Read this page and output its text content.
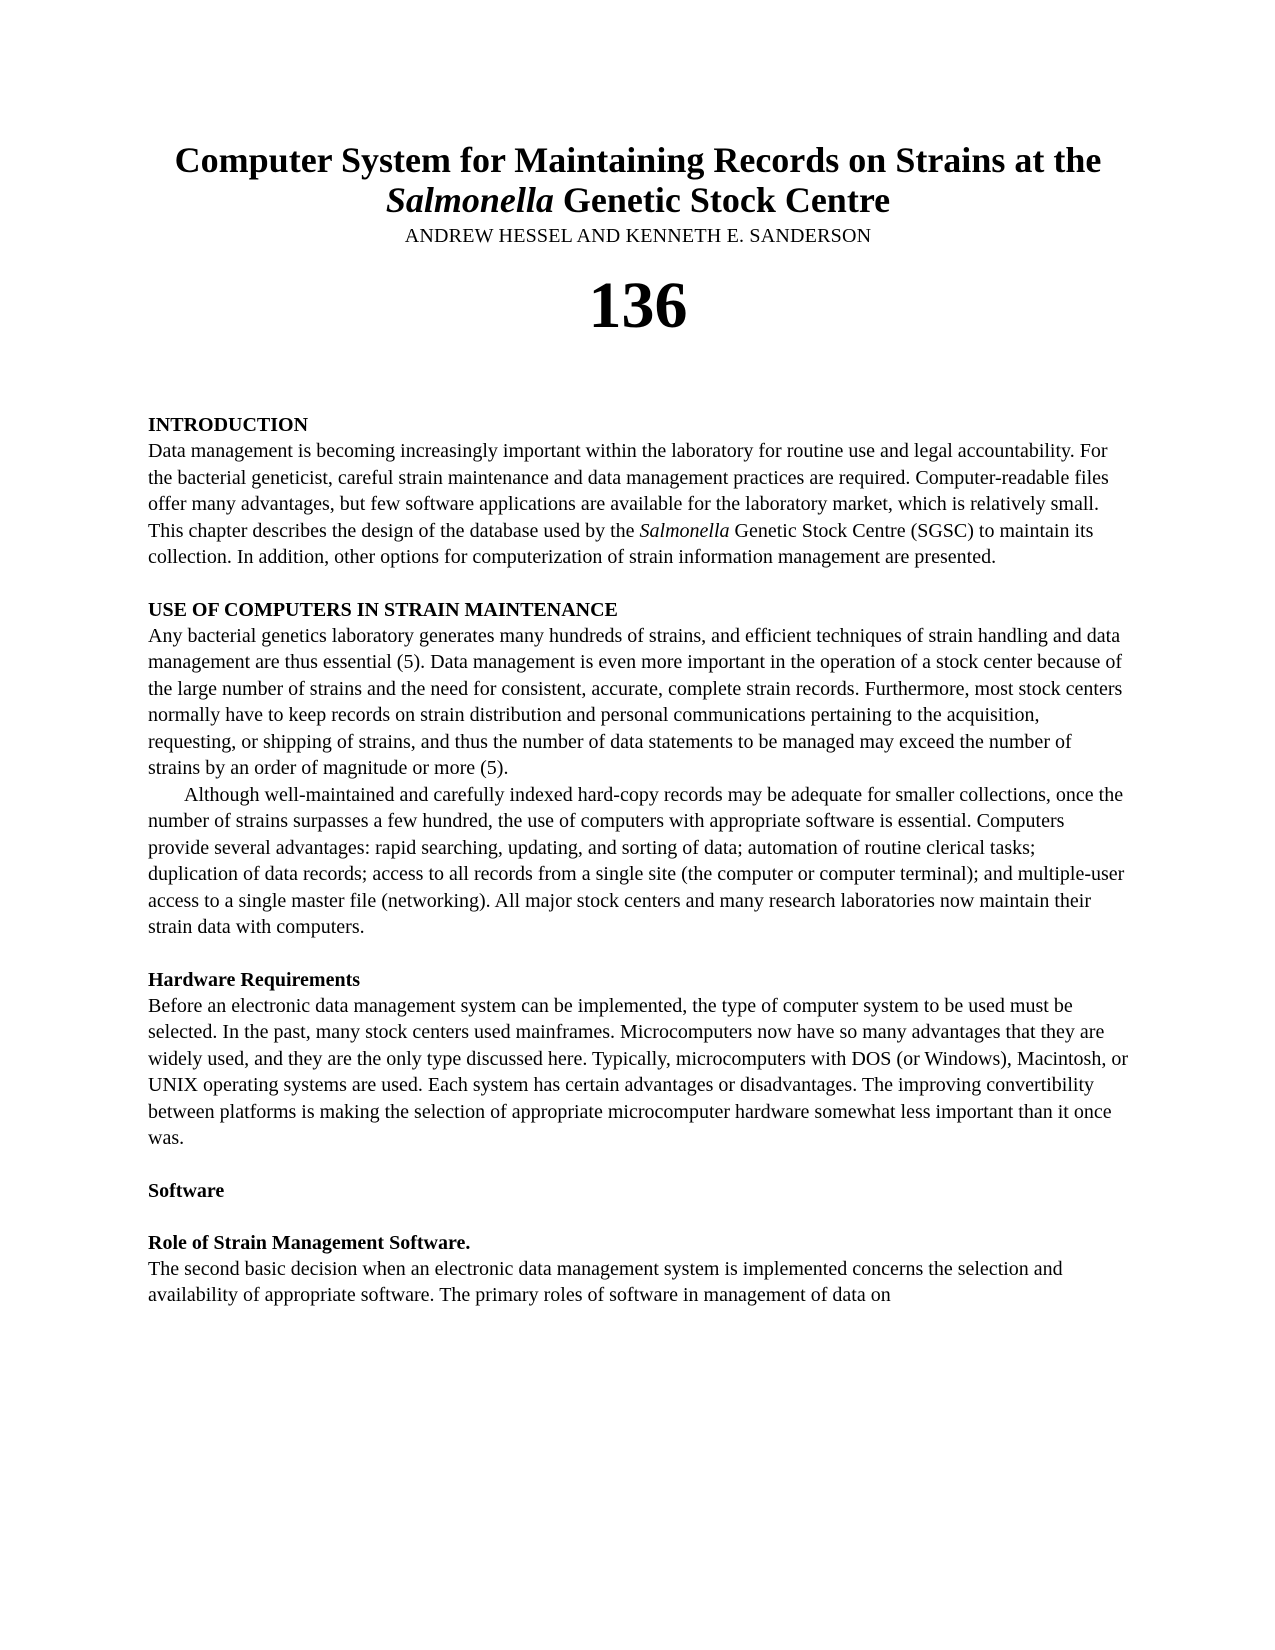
Computer System for Maintaining Records on Strains at the
Salmonella Genetic Stock Centre
ANDREW HESSEL AND KENNETH E. SANDERSON
136
INTRODUCTION

Data management is becoming increasingly important within the laboratory for routine use and legal accountability. For the bacterial geneticist, careful strain maintenance and data management practices are required. Computer-readable files offer many advantages, but few software applications are available for the laboratory market, which is relatively small. This chapter describes the design of the database used by the Salmonella Genetic Stock Centre (SGSC) to maintain its collection. In addition, other options for computerization of strain information management are presented.

USE OF COMPUTERS IN STRAIN MAINTENANCE

Any bacterial genetics laboratory generates many hundreds of strains, and efficient techniques of strain handling and data management are thus essential (5). Data management is even more important in the operation of a stock center because of the large number of strains and the need for consistent, accurate, complete strain records. Furthermore, most stock centers normally have to keep records on strain distribution and personal communications pertaining to the acquisition, requesting, or shipping of strains, and thus the number of data statements to be managed may exceed the number of strains by an order of magnitude or more (5).

Although well-maintained and carefully indexed hard-copy records may be adequate for smaller collections, once the number of strains surpasses a few hundred, the use of computers with appropriate software is essential. Computers provide several advantages: rapid searching, updating, and sorting of data; automation of routine clerical tasks; duplication of data records; access to all records from a single site (the computer or computer terminal); and multiple-user access to a single master file (networking). All major stock centers and many research laboratories now maintain their strain data with computers.

Hardware Requirements

Before an electronic data management system can be implemented, the type of computer system to be used must be selected. In the past, many stock centers used mainframes. Microcomputers now have so many advantages that they are widely used, and they are the only type discussed here. Typically, microcomputers with DOS (or Windows), Macintosh, or UNIX operating systems are used. Each system has certain advantages or disadvantages. The improving convertibility between platforms is making the selection of appropriate microcomputer hardware somewhat less important than it once was.

Software
Role of Strain Management Software.

The second basic decision when an electronic data management system is implemented concerns the selection and availability of appropriate software. The primary roles of software in management of data on
